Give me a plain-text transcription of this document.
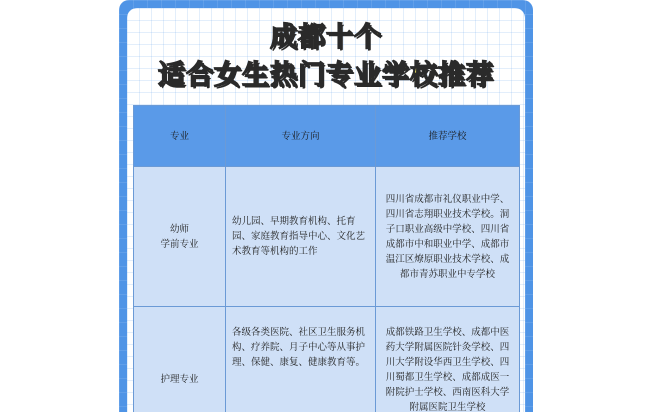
成都十个
适合女生热门专业学校推荐
专业	专业方向	推荐学校

幼师
学前专业	幼儿园、早期教育机构、托育园、家庭教育指导中心、文化艺术教育等机构的工作	四川省成都市礼仪职业中学、四川省志翔职业技术学校。洞子口职业高级中学校、四川省成都市中和职业中学、成都市温江区燎原职业技术学校、成都市青苏职业中专学校

护理专业	各级各类医院、社区卫生服务机构、疗养院、月子中心等从事护理、保健、康复、健康教育等。	成都铁路卫生学校、成都中医药大学附属医院针灸学校、四川大学附设华西卫生学校、四川蜀都卫生学校、成都成医一附院护士学校、西南医科大学附属医院卫生学校
